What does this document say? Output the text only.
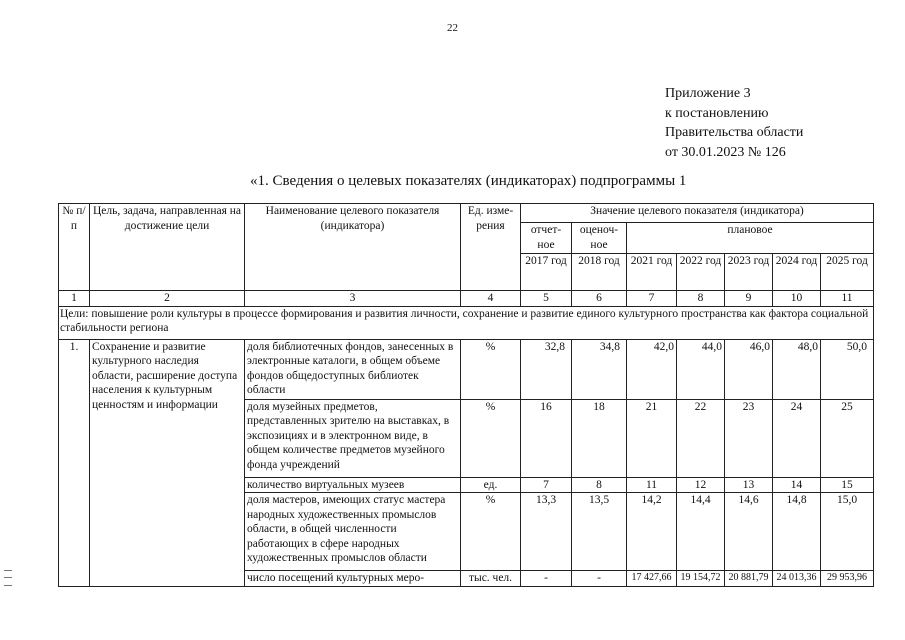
22
Приложение 3
к постановлению
Правительства области
от 30.01.2023 № 126
«1. Сведения о целевых показателях (индикаторах) подпрограммы 1
№ п/п	Цель, задача, направленная на достижение цели	Наименование целевого показателя (индикатора)	Ед. изме-рения	Значение целевого показателя (индикатора)						
				отчет-ное	оценоч-ное	плановое				
				2017 год	2018 год	2021 год	2022 год	2023 год	2024 год	2025 год
1	2	3	4	5	6	7	8	9	10	11
Цели: повышение роли культуры в процессе формирования и развития личности, сохранение и развитие единого культурного пространства как фактора социальной стабильности региона										
1.	Сохранение и развитие культурного наследия области, расширение доступа населения к культурным ценностям и информации	доля библиотечных фондов, занесенных в электронные каталоги, в общем объеме фондов общедоступных библиотек области	%	32,8	34,8	42,0	44,0	46,0	48,0	50,0
		доля музейных предметов, представленных зрителю на выставках, в экспозициях и в электронном виде, в общем количестве предметов музейного фонда учреждений	%	16	18	21	22	23	24	25
		количество виртуальных музеев	ед.	7	8	11	12	13	14	15
		доля мастеров, имеющих статус мастера народных художественных промыслов области, в общей численности работающих в сфере народных художественных промыслов области	%	13,3	13,5	14,2	14,4	14,6	14,8	15,0
		число посещений культурных меро-	тыс. чел.	-	-	17 427,66	19 154,72	20 881,79	24 013,36	29 953,96
